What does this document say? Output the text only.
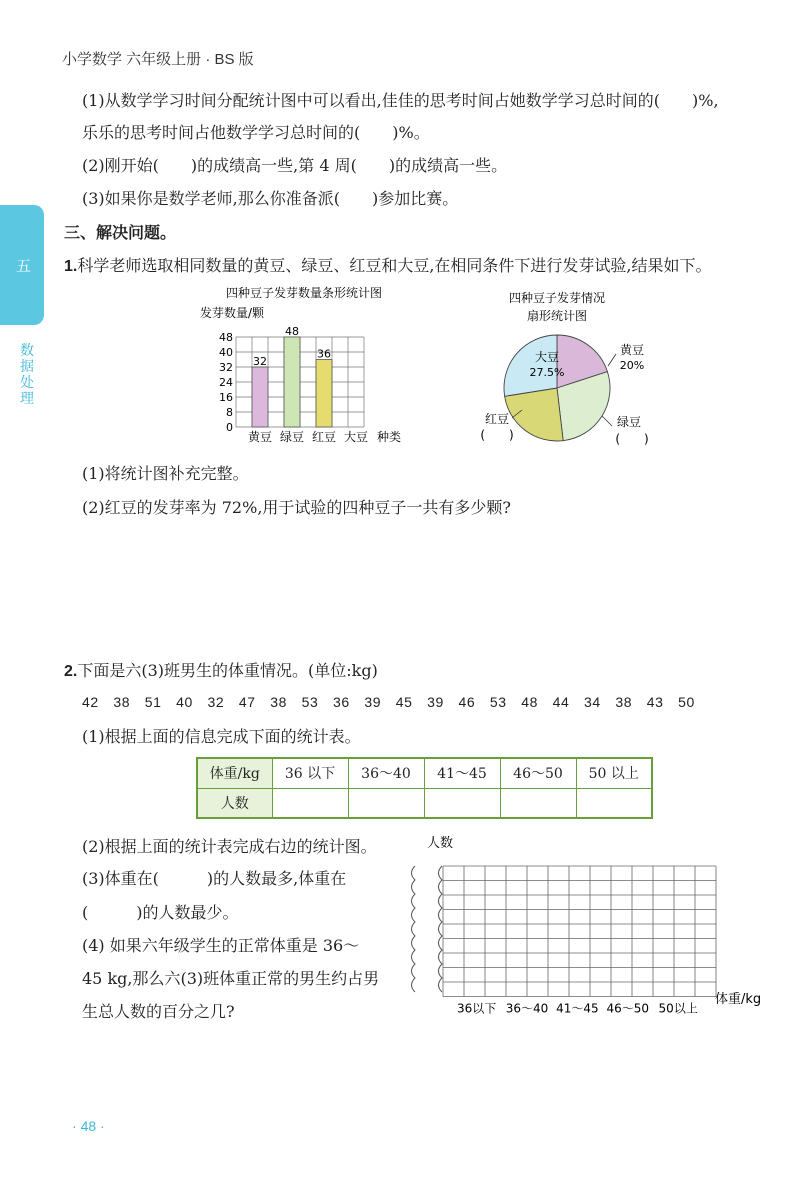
小学数学 六年级上册 · BS 版
五
数据处理
(1)从数学学习时间分配统计图中可以看出,佳佳的思考时间占她数学学习总时间的(　　)%,
乐乐的思考时间占他数学学习总时间的(　　)%。
(2)刚开始(　　)的成绩高一些,第 4 周(　　)的成绩高一些。
(3)如果你是数学老师,那么你准备派(　　)参加比赛。
三、解决问题。
1.科学老师选取相同数量的黄豆、绿豆、红豆和大豆,在相同条件下进行发芽试验,结果如下。
四种豆子发芽数量条形统计图
发芽数量/颗
0
8
16
24
32
40
48
32
48
36
黄豆 绿豆 红豆 大豆 种类
四种豆子发芽情况
扇形统计图
大豆
27.5%
黄豆
20%
绿豆
(　　)
红豆
(　　)
(1)将统计图补充完整。
(2)红豆的发芽率为 72%,用于试验的四种豆子一共有多少颗?
2.下面是六(3)班男生的体重情况。(单位:kg)
42　38　51　40　32　47　38　53　36　39　45　39　46　53　48　44　34　38　43　50
(1)根据上面的信息完成下面的统计表。
体重/kg	36 以下	36～40	41～45	46～50	50 以上
人数					
(2)根据上面的统计表完成右边的统计图。
(3)体重在(　　　)的人数最多,体重在
(　　　)的人数最少。
(4) 如果六年级学生的正常体重是 36～
45 kg,那么六(3)班体重正常的男生约占男
生总人数的百分之几?
人数
36以下 36～40 41～45 46～50 50以上
体重/kg
· 48 ·
